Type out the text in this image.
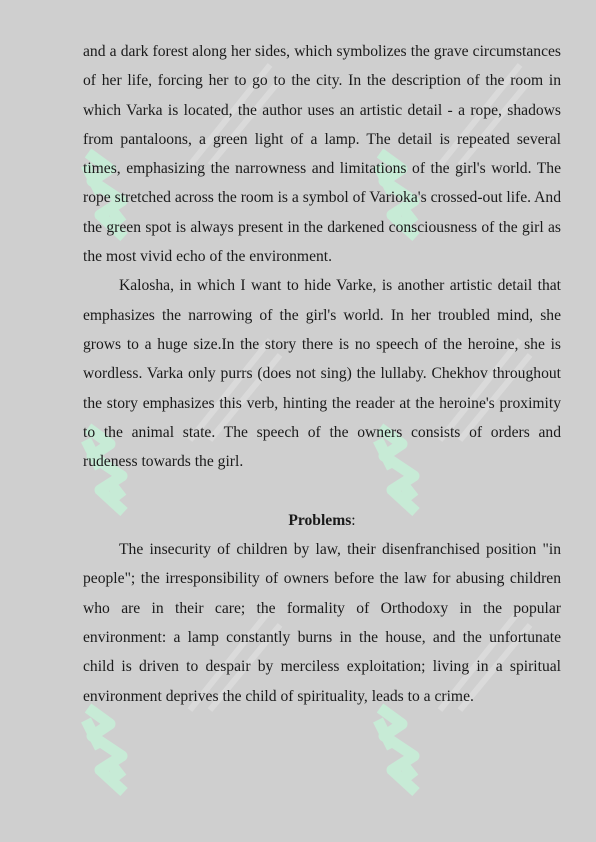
and a dark forest along her sides, which symbolizes the grave circumstances of her life, forcing her to go to the city. In the description of the room in which Varka is located, the author uses an artistic detail - a rope, shadows from pantaloons, a green light of a lamp. The detail is repeated several times, emphasizing the narrowness and limitations of the girl's world. The rope stretched across the room is a symbol of Varioka's crossed-out life. And the green spot is always present in the darkened consciousness of the girl as the most vivid echo of the environment.

Kalosha, in which I want to hide Varke, is another artistic detail that emphasizes the narrowing of the girl's world. In her troubled mind, she grows to a huge size.In the story there is no speech of the heroine, she is wordless. Varka only purrs (does not sing) the lullaby. Chekhov throughout the story emphasizes this verb, hinting the reader at the heroine's proximity to the animal state. The speech of the owners consists of orders and rudeness towards the girl.

Problems:

The insecurity of children by law, their disenfranchised position "in people"; the irresponsibility of owners before the law for abusing children who are in their care; the formality of Orthodoxy in the popular environment: a lamp constantly burns in the house, and the unfortunate child is driven to despair by merciless exploitation; living in a spiritual environment deprives the child of spirituality, leads to a crime.
